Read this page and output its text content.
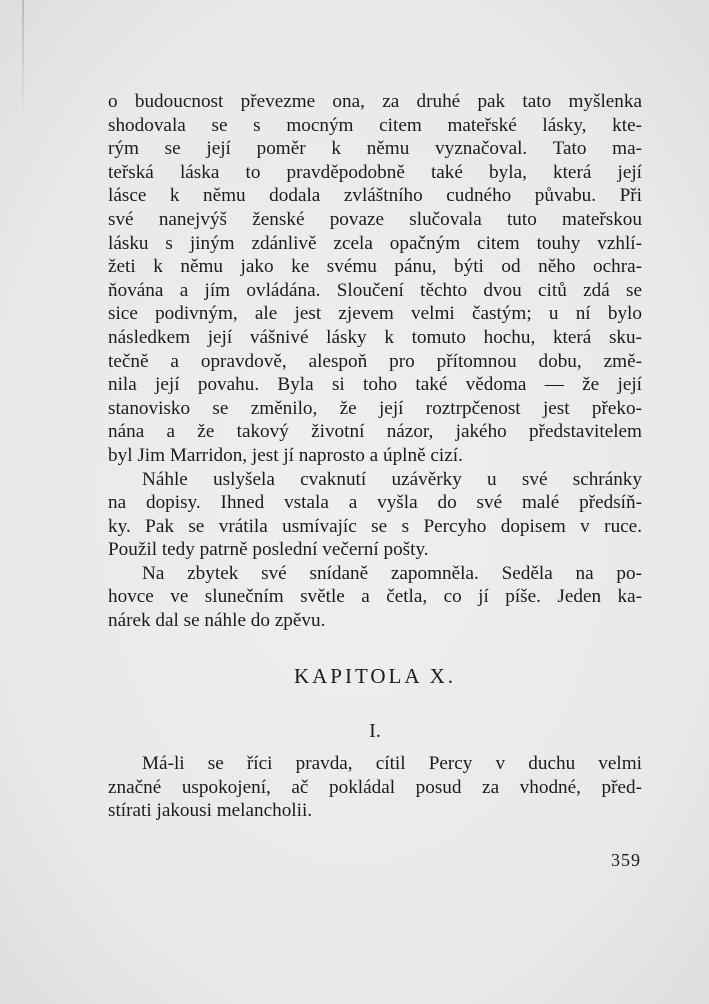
o budoucnost převezme ona, za druhé pak tato myšlenka
shodovala se s mocným citem mateřské lásky, kte-
rým se její poměr k němu vyznačoval. Tato ma-
teřská láska to pravděpodobně také byla, která její
lásce k němu dodala zvláštního cudného půvabu. Při
své nanejvýš ženské povaze slučovala tuto mateřskou
lásku s jiným zdánlivě zcela opačným citem touhy vzhlí-
žeti k němu jako ke svému pánu, býti od něho ochra-
ňována a jím ovládána. Sloučení těchto dvou citů zdá se
sice podivným, ale jest zjevem velmi častým; u ní bylo
následkem její vášnivé lásky k tomuto hochu, která sku-
tečně a opravdově, alespoň pro přítomnou dobu, změ-
nila její povahu. Byla si toho také vědoma — že její
stanovisko se změnilo, že její roztrpčenost jest překo-
nána a že takový životní názor, jakého představitelem
byl Jim Marridon, jest jí naprosto a úplně cizí.

Náhle uslyšela cvaknutí uzávěrky u své schránky
na dopisy. Ihned vstala a vyšla do své malé předsíň-
ky. Pak se vrátila usmívajíc se s Percyho dopisem v ruce.
Použil tedy patrně poslední večerní pošty.

Na zbytek své snídaně zapomněla. Seděla na po-
hovce ve slunečním světle a četla, co jí píše. Jeden ka-
nárek dal se náhle do zpěvu.

KAPITOLA X.
I.

Má-li se říci pravda, cítil Percy v duchu velmi
značné uspokojení, ač pokládal posud za vhodné, před-
stírati jakousi melancholii.

359
